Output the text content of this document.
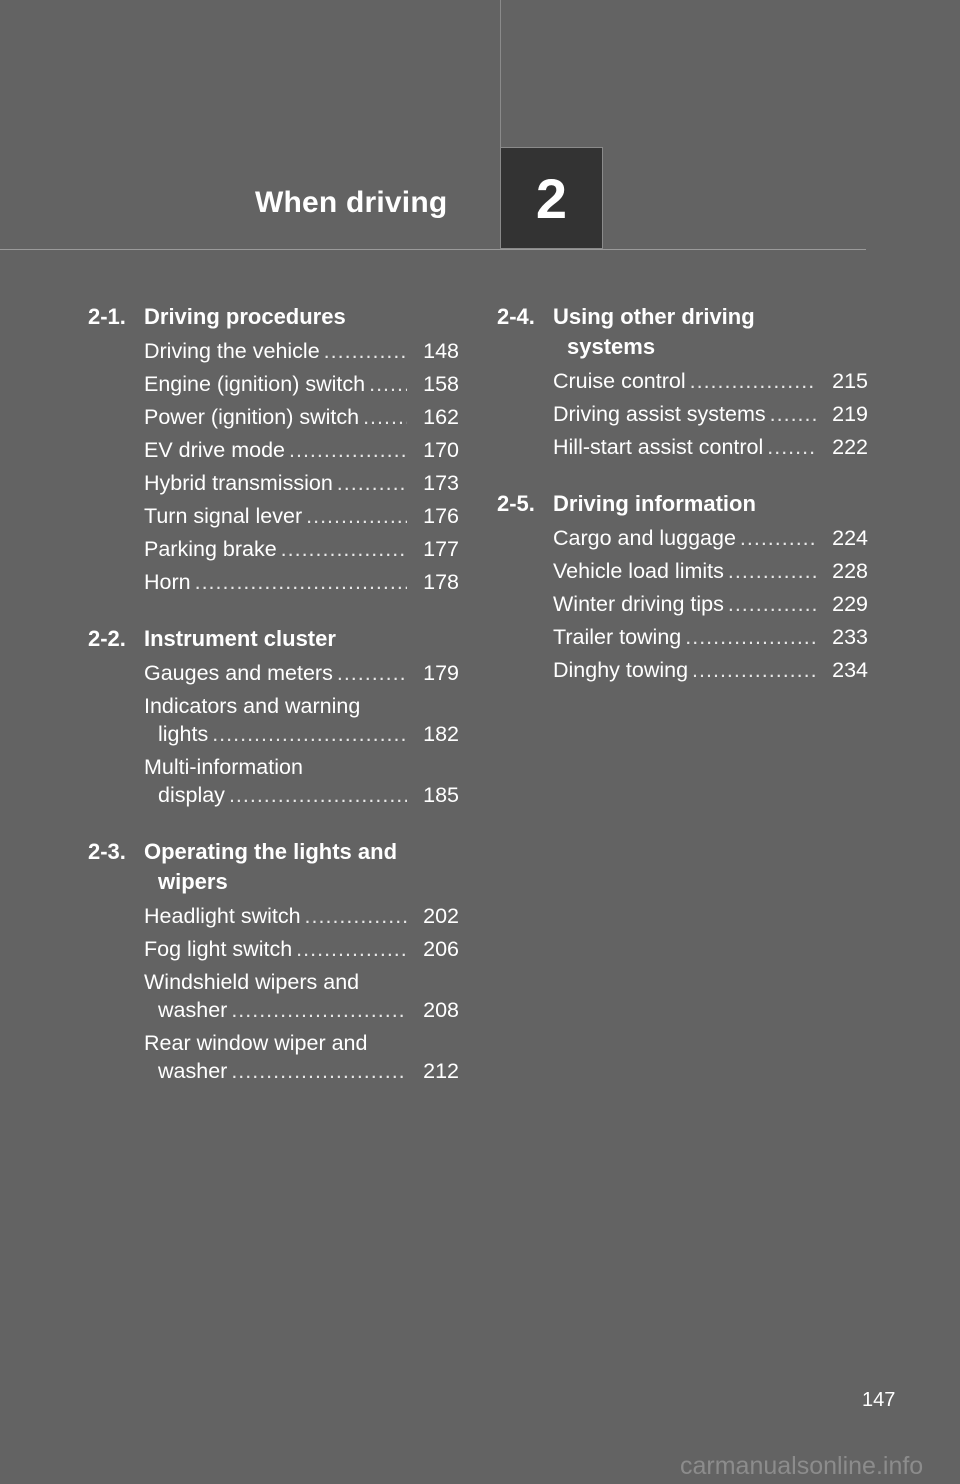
When driving 2
2-1. Driving procedures
Driving the vehicle .....	148
Engine (ignition) switch .....	158
Power (ignition) switch .....	162
EV drive mode .....	170
Hybrid transmission .....	173
Turn signal lever .....	176
Parking brake .....	177
Horn .....	178
2-2. Instrument cluster
Gauges and meters .....	179
Indicators and warning
lights .....	182
Multi-information
display .....	185
2-3. Operating the lights and
wipers
Headlight switch .....	202
Fog light switch .....	206
Windshield wipers and
washer .....	208
Rear window wiper and
washer .....	212
2-4. Using other driving
systems
Cruise control .....	215
Driving assist systems .....	219
Hill-start assist control .....	222
2-5. Driving information
Cargo and luggage .....	224
Vehicle load limits .....	228
Winter driving tips .....	229
Trailer towing .....	233
Dinghy towing .....	234
147
carmanualsonline.info
